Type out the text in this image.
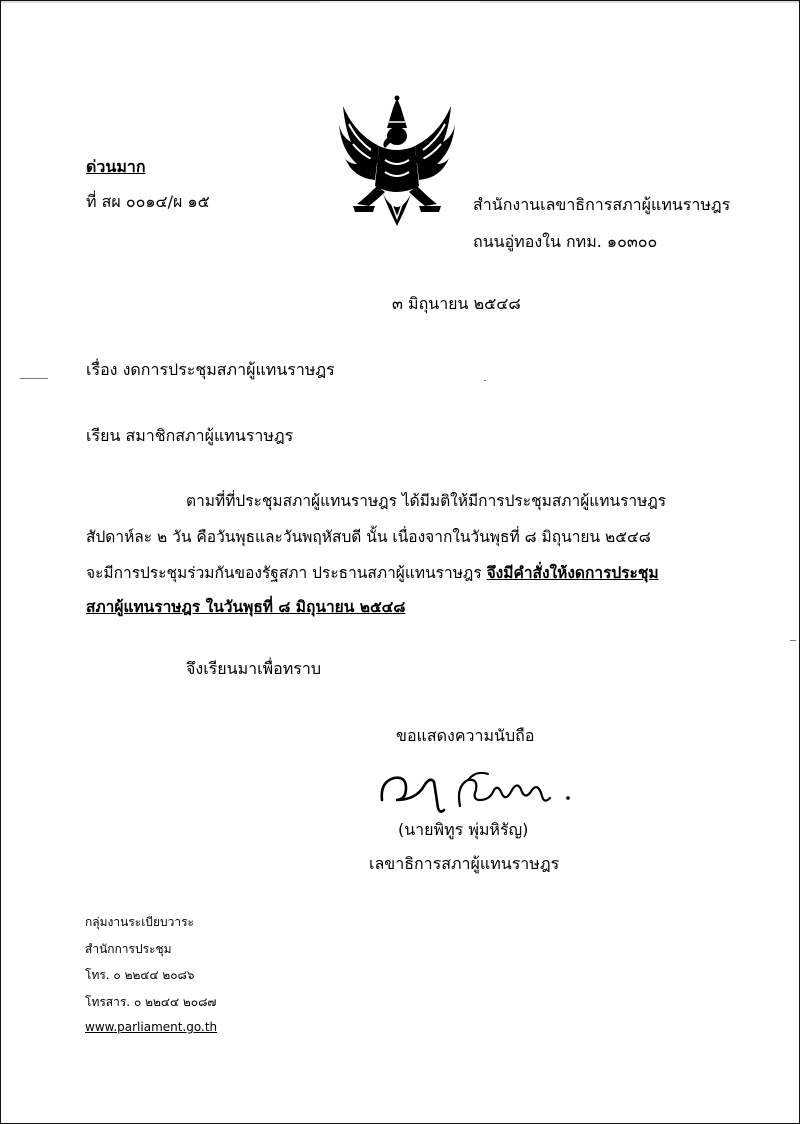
ด่วนมาก
ที่ สผ ๐๐๑๔/ผ ๑๕	สำนักงานเลขาธิการสภาผู้แทนราษฎร
ถนนอู่ทองใน กทม. ๑๐๓๐๐
๓ มิถุนายน ๒๕๔๘
เรื่อง งดการประชุมสภาผู้แทนราษฎร
เรียน สมาชิกสภาผู้แทนราษฎร
ตามที่ที่ประชุมสภาผู้แทนราษฎร ได้มีมติให้มีการประชุมสภาผู้แทนราษฎร
สัปดาห์ละ ๒ วัน คือวันพุธและวันพฤหัสบดี นั้น เนื่องจากในวันพุธที่ ๘ มิถุนายน ๒๕๔๘
จะมีการประชุมร่วมกันของรัฐสภา ประธานสภาผู้แทนราษฎร จึงมีคำสั่งให้งดการประชุม
สภาผู้แทนราษฎร ในวันพุธที่ ๘ มิถุนายน ๒๕๔๘
จึงเรียนมาเพื่อทราบ
ขอแสดงความนับถือ
(นายพิทูร พุ่มหิรัญ)
เลขาธิการสภาผู้แทนราษฎร
กลุ่มงานระเบียบวาระ
สำนักการประชุม
โทร. ๐ ๒๒๔๔ ๒๐๘๖
โทรสาร. ๐ ๒๒๔๔ ๒๐๘๗
www.parliament.go.th
